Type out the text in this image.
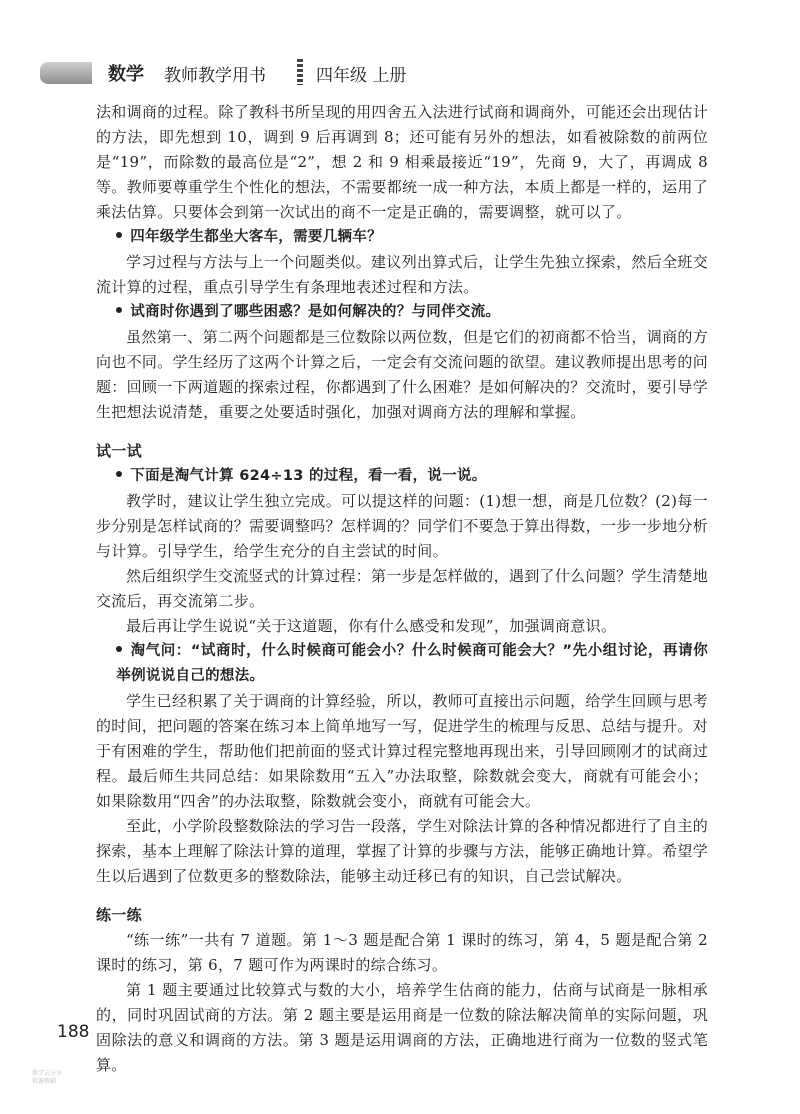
数学 教师教学用书	四年级 上册

法和调商的过程。除了教科书所呈现的用四舍五入法进行试商和调商外，可能还会出现估计的方法，即先想到 10，调到 9 后再调到 8；还可能有另外的想法，如看被除数的前两位是“19”，而除数的最高位是“2”，想 2 和 9 相乘最接近“19”，先商 9，大了，再调成 8 等。教师要尊重学生个性化的想法，不需要都统一成一种方法，本质上都是一样的，运用了乘法估算。只要体会到第一次试出的商不一定是正确的，需要调整，就可以了。

四年级学生都坐大客车，需要几辆车？

学习过程与方法与上一个问题类似。建议列出算式后，让学生先独立探索，然后全班交流计算的过程，重点引导学生有条理地表述过程和方法。

试商时你遇到了哪些困惑？是如何解决的？与同伴交流。

虽然第一、第二两个问题都是三位数除以两位数，但是它们的初商都不恰当，调商的方向也不同。学生经历了这两个计算之后，一定会有交流问题的欲望。建议教师提出思考的问题：回顾一下两道题的探索过程，你都遇到了什么困难？是如何解决的？交流时，要引导学生把想法说清楚，重要之处要适时强化，加强对调商方法的理解和掌握。

试一试

下面是淘气计算 624÷13 的过程，看一看，说一说。

教学时，建议让学生独立完成。可以提这样的问题：(1)想一想，商是几位数？(2)每一步分别是怎样试商的？需要调整吗？怎样调的？同学们不要急于算出得数，一步一步地分析与计算。引导学生，给学生充分的自主尝试的时间。

然后组织学生交流竖式的计算过程：第一步是怎样做的，遇到了什么问题？学生清楚地交流后，再交流第二步。

最后再让学生说说“关于这道题，你有什么感受和发现”，加强调商意识。

淘气问：“试商时，什么时候商可能会小？什么时候商可能会大？”先小组讨论，再请你举例说说自己的想法。

学生已经积累了关于调商的计算经验，所以，教师可直接出示问题，给学生回顾与思考的时间，把问题的答案在练习本上简单地写一写，促进学生的梳理与反思、总结与提升。对于有困难的学生，帮助他们把前面的竖式计算过程完整地再现出来，引导回顾刚才的试商过程。最后师生共同总结：如果除数用“五入”办法取整，除数就会变大，商就有可能会小；如果除数用“四舍”的办法取整，除数就会变小，商就有可能会大。

至此，小学阶段整数除法的学习告一段落，学生对除法计算的各种情况都进行了自主的探索，基本上理解了除法计算的道理，掌握了计算的步骤与方法，能够正确地计算。希望学生以后遇到了位数更多的整数除法，能够主动迁移已有的知识，自己尝试解决。

练一练

“练一练”一共有 7 道题。第 1～3 题是配合第 1 课时的练习，第 4，5 题是配合第 2 课时的练习，第 6，7 题可作为两课时的综合练习。

第 1 题主要通过比较算式与数的大小，培养学生估商的能力，估商与试商是一脉相承的，同时巩固试商的方法。第 2 题主要是运用商是一位数的除法解决简单的实际问题，巩固除法的意义和调商的方法。第 3 题是运用调商的方法，正确地进行商为一位数的竖式笔算。

188
教学云分享
资源教辅
